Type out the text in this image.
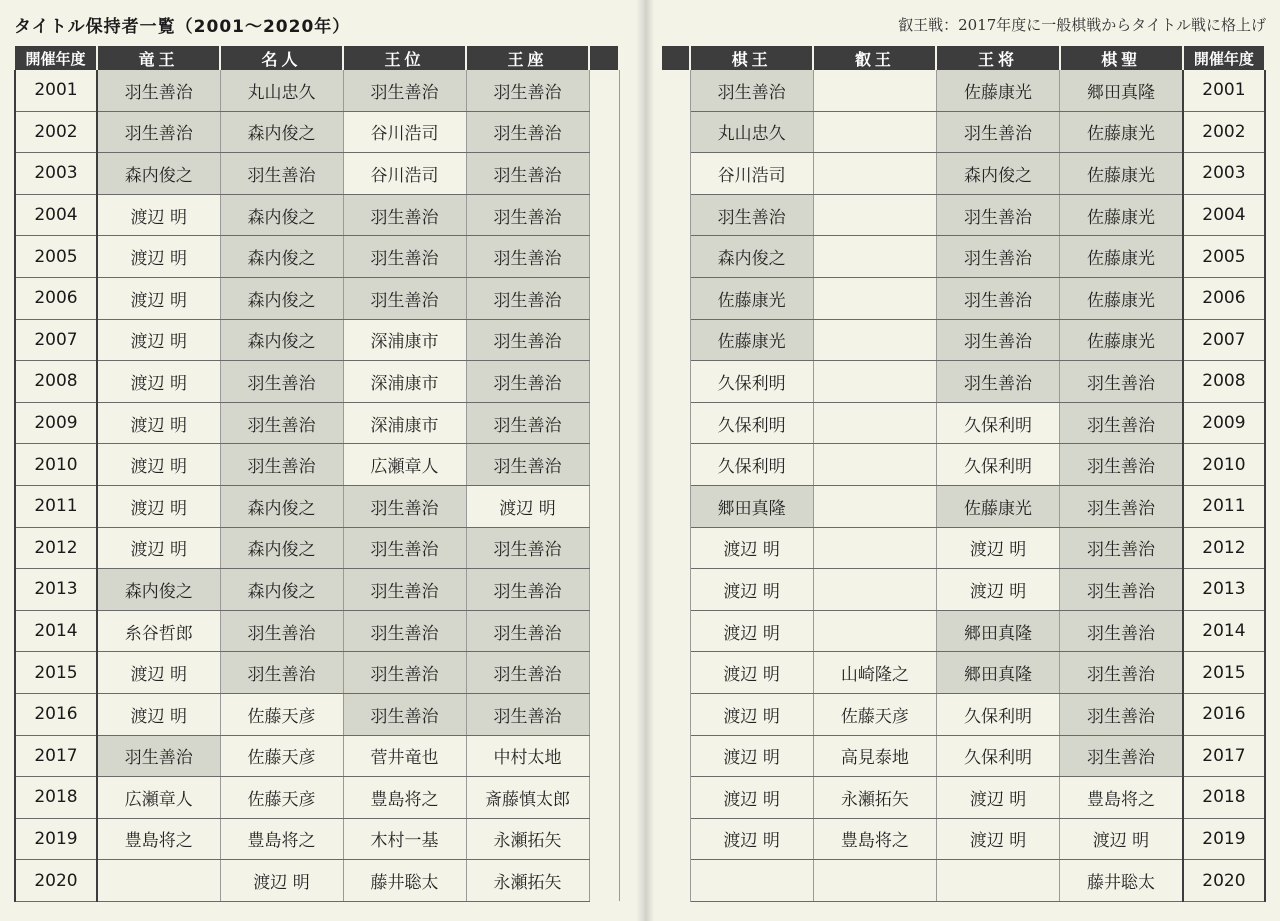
タイトル保持者一覧（2001〜2020年）	叡王戦：2017年度に一般棋戦からタイトル戦に格上げ
開催年度	竜王	名人	王位	王座	
2001	羽生善治	丸山忠久	羽生善治	羽生善治	
2002	羽生善治	森内俊之	谷川浩司	羽生善治	
2003	森内俊之	羽生善治	谷川浩司	羽生善治	
2004	渡辺 明	森内俊之	羽生善治	羽生善治	
2005	渡辺 明	森内俊之	羽生善治	羽生善治	
2006	渡辺 明	森内俊之	羽生善治	羽生善治	
2007	渡辺 明	森内俊之	深浦康市	羽生善治	
2008	渡辺 明	羽生善治	深浦康市	羽生善治	
2009	渡辺 明	羽生善治	深浦康市	羽生善治	
2010	渡辺 明	羽生善治	広瀬章人	羽生善治	
2011	渡辺 明	森内俊之	羽生善治	渡辺 明	
2012	渡辺 明	森内俊之	羽生善治	羽生善治	
2013	森内俊之	森内俊之	羽生善治	羽生善治	
2014	糸谷哲郎	羽生善治	羽生善治	羽生善治	
2015	渡辺 明	羽生善治	羽生善治	羽生善治	
2016	渡辺 明	佐藤天彦	羽生善治	羽生善治	
2017	羽生善治	佐藤天彦	菅井竜也	中村太地	
2018	広瀬章人	佐藤天彦	豊島将之	斎藤慎太郎	
2019	豊島将之	豊島将之	木村一基	永瀬拓矢	
2020		渡辺 明	藤井聡太	永瀬拓矢	
	棋王	叡王	王将	棋聖	開催年度
	羽生善治		佐藤康光	郷田真隆	2001
	丸山忠久		羽生善治	佐藤康光	2002
	谷川浩司		森内俊之	佐藤康光	2003
	羽生善治		羽生善治	佐藤康光	2004
	森内俊之		羽生善治	佐藤康光	2005
	佐藤康光		羽生善治	佐藤康光	2006
	佐藤康光		羽生善治	佐藤康光	2007
	久保利明		羽生善治	羽生善治	2008
	久保利明		久保利明	羽生善治	2009
	久保利明		久保利明	羽生善治	2010
	郷田真隆		佐藤康光	羽生善治	2011
	渡辺 明		渡辺 明	羽生善治	2012
	渡辺 明		渡辺 明	羽生善治	2013
	渡辺 明		郷田真隆	羽生善治	2014
	渡辺 明	山崎隆之	郷田真隆	羽生善治	2015
	渡辺 明	佐藤天彦	久保利明	羽生善治	2016
	渡辺 明	高見泰地	久保利明	羽生善治	2017
	渡辺 明	永瀬拓矢	渡辺 明	豊島将之	2018
	渡辺 明	豊島将之	渡辺 明	渡辺 明	2019
				藤井聡太	2020
